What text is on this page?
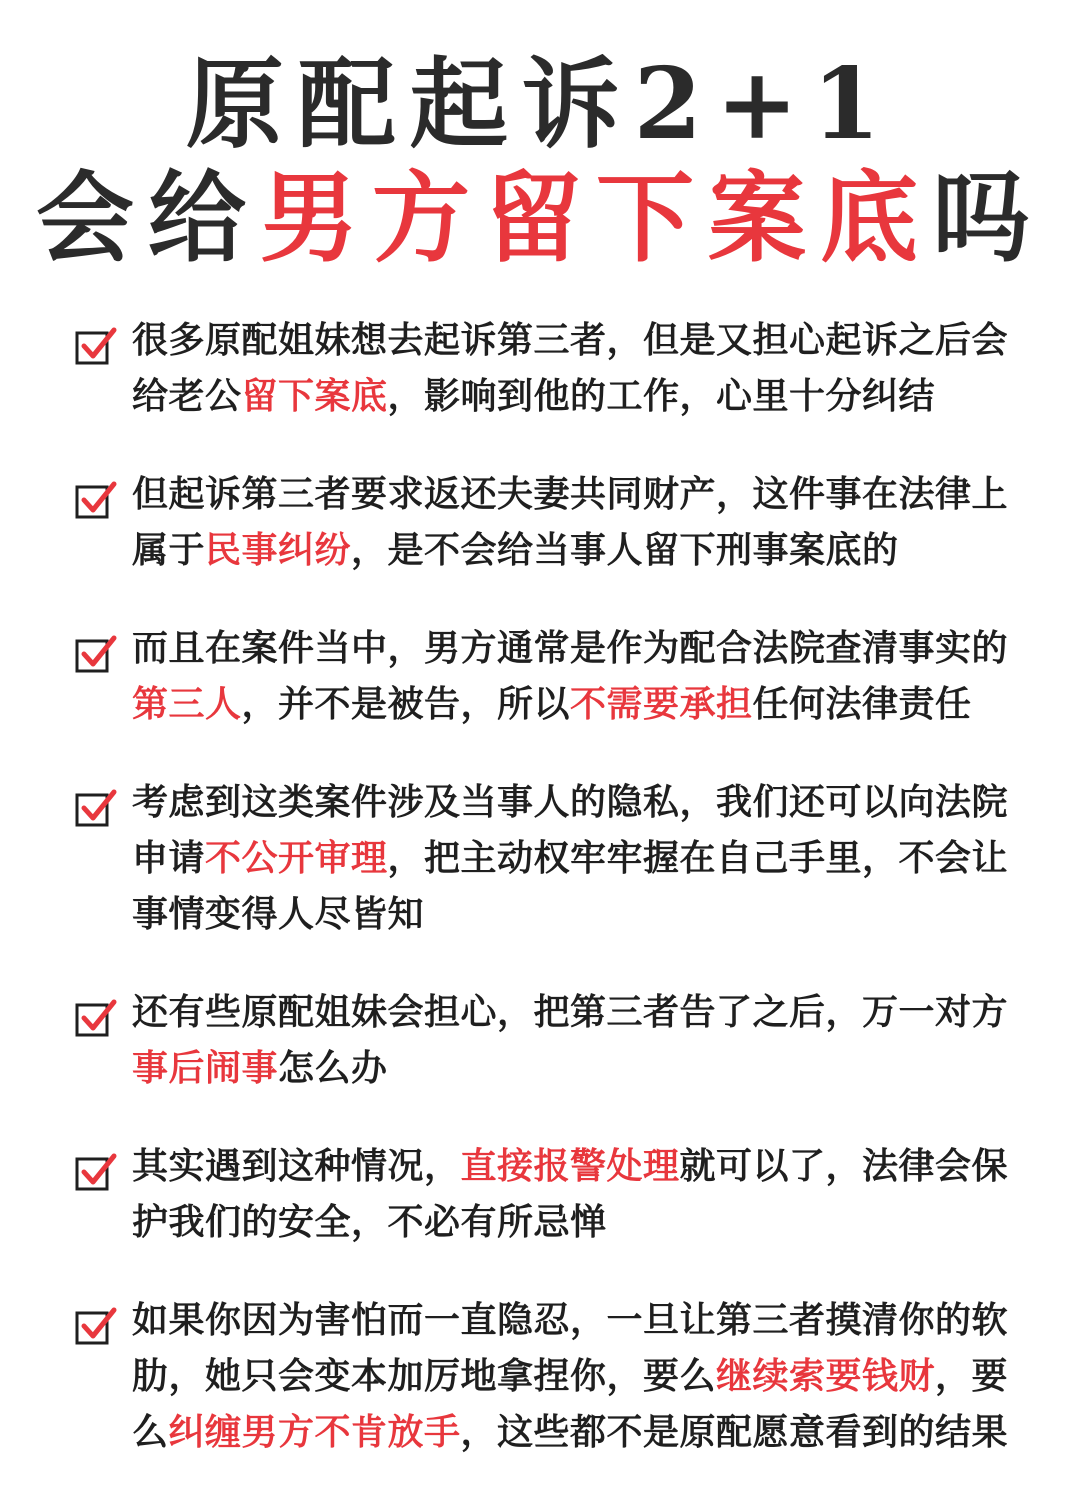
原配起诉2+1
会给男方留下案底吗

很多原配姐妹想去起诉第三者，但是又担心起诉之后会给老公留下案底，影响到他的工作，心里十分纠结

但起诉第三者要求返还夫妻共同财产，这件事在法律上属于民事纠纷，是不会给当事人留下刑事案底的

而且在案件当中，男方通常是作为配合法院查清事实的第三人，并不是被告，所以不需要承担任何法律责任

考虑到这类案件涉及当事人的隐私，我们还可以向法院申请不公开审理，把主动权牢牢握在自己手里，不会让事情变得人尽皆知

还有些原配姐妹会担心，把第三者告了之后，万一对方事后闹事怎么办

其实遇到这种情况，直接报警处理就可以了，法律会保护我们的安全，不必有所忌惮

如果你因为害怕而一直隐忍，一旦让第三者摸清你的软肋，她只会变本加厉地拿捏你，要么继续索要钱财，要么纠缠男方不肯放手，这些都不是原配愿意看到的结果
